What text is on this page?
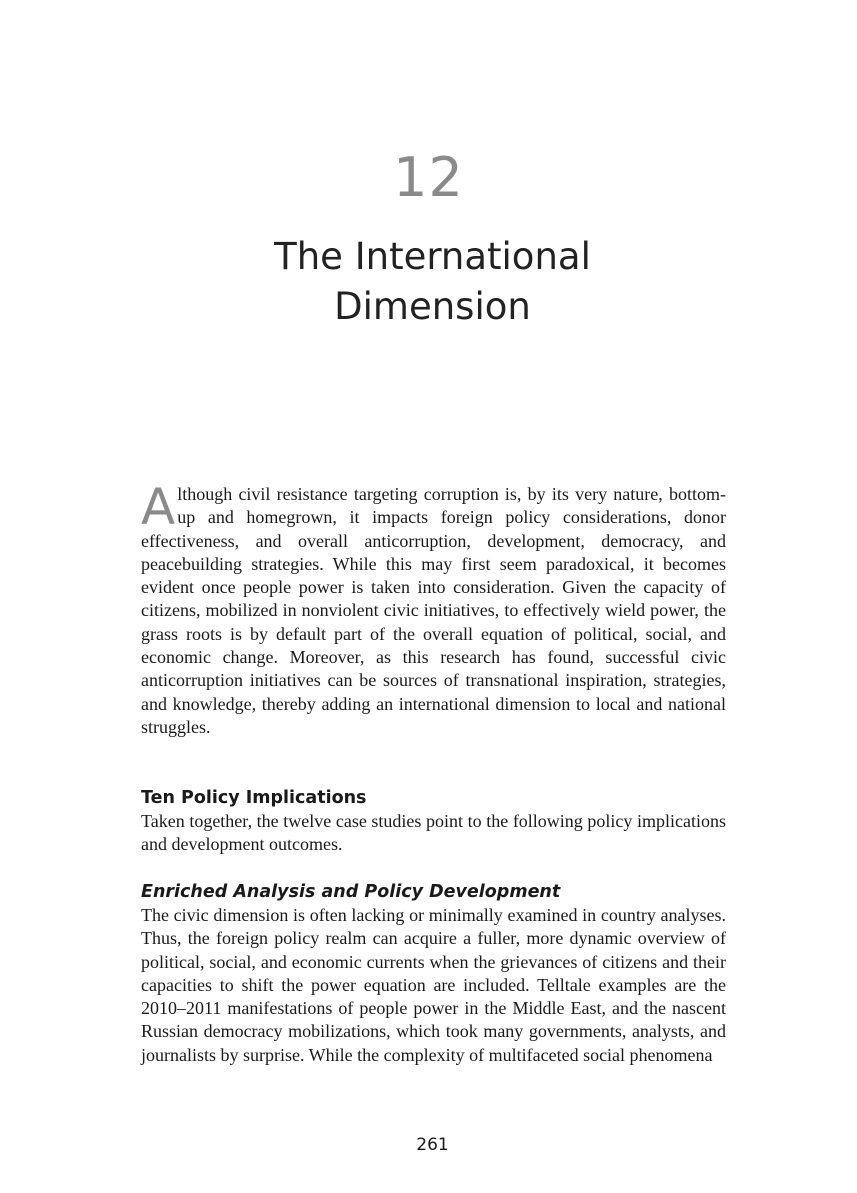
12
The International
Dimension

Although civil resistance targeting corruption is, by its very nature, bottom-up and homegrown, it impacts foreign policy considerations, donor effectiveness, and overall anticorruption, development, democracy, and peacebuilding strategies. While this may first seem paradoxical, it becomes evident once people power is taken into consideration. Given the capacity of citizens, mobilized in nonviolent civic initiatives, to effectively wield power, the grass roots is by default part of the overall equation of political, social, and economic change. Moreover, as this research has found, successful civic anticorruption initiatives can be sources of transnational inspiration, strategies, and knowledge, thereby adding an international dimension to local and national struggles.

Ten Policy Implications

Taken together, the twelve case studies point to the following policy implications and development outcomes.

Enriched Analysis and Policy Development

The civic dimension is often lacking or minimally examined in country analyses. Thus, the foreign policy realm can acquire a fuller, more dynamic overview of political, social, and economic currents when the grievances of citizens and their capacities to shift the power equation are included. Telltale examples are the 2010–2011 manifestations of people power in the Middle East, and the nascent Russian democracy mobilizations, which took many governments, analysts, and journalists by surprise. While the complexity of multifaceted social phenomena

261
